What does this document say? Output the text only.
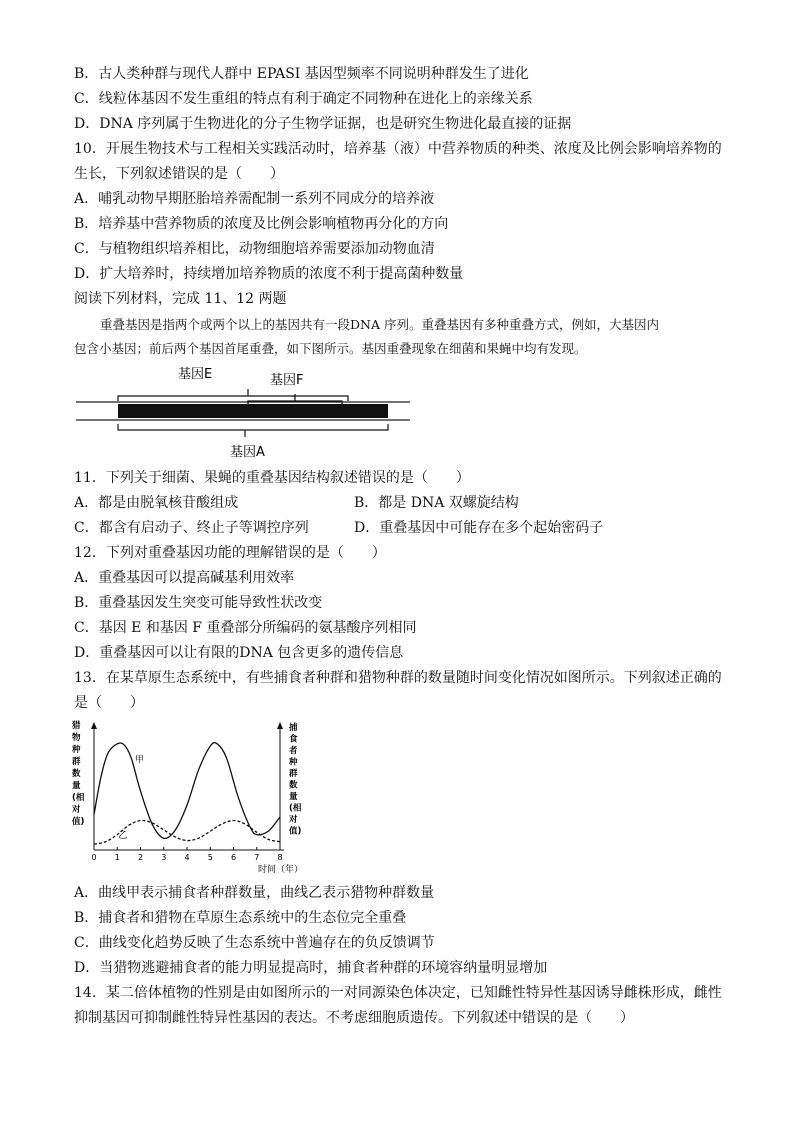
B．古人类种群与现代人群中 EPASI 基因型频率不同说明种群发生了进化
C．线粒体基因不发生重组的特点有利于确定不同物种在进化上的亲缘关系
D．DNA 序列属于生物进化的分子生物学证据，也是研究生物进化最直接的证据
10．开展生物技术与工程相关实践活动时，培养基（液）中营养物质的种类、浓度及比例会影响培养物的
生长，下列叙述错误的是（　　）
A．哺乳动物早期胚胎培养需配制一系列不同成分的培养液
B．培养基中营养物质的浓度及比例会影响植物再分化的方向
C．与植物组织培养相比，动物细胞培养需要添加动物血清
D．扩大培养时，持续增加培养物质的浓度不利于提高菌种数量
阅读下列材料，完成 11、12 两题
重叠基因是指两个或两个以上的基因共有一段DNA 序列。重叠基因有多种重叠方式，例如，大基因内
包含小基因；前后两个基因首尾重叠，如下图所示。基因重叠现象在细菌和果蝇中均有发现。
基因E	基因F
基因A
11．下列关于细菌、果蝇的重叠基因结构叙述错误的是（　　）
A．都是由脱氧核苷酸组成	B．都是 DNA 双螺旋结构
C．都含有启动子、终止子等调控序列	D．重叠基因中可能存在多个起始密码子
12．下列对重叠基因功能的理解错误的是（　　）
A．重叠基因可以提高碱基利用效率
B．重叠基因发生突变可能导致性状改变
C．基因 E 和基因 F 重叠部分所编码的氨基酸序列相同
D．重叠基因可以让有限的DNA 包含更多的遗传信息
13．在某草原生态系统中，有些捕食者种群和猎物种群的数量随时间变化情况如图所示。下列叙述正确的
是（　　）
猎
物
种
群
数
量
(相
对
值)
捕
食
者
种
群
数
量
(相
对
值)
0 1 2 3 4 5 6 7 8
甲
乙
时间（年）
A．曲线甲表示捕食者种群数量，曲线乙表示猎物种群数量
B．捕食者和猎物在草原生态系统中的生态位完全重叠
C．曲线变化趋势反映了生态系统中普遍存在的负反馈调节
D．当猎物逃避捕食者的能力明显提高时，捕食者种群的环境容纳量明显增加
14．某二倍体植物的性别是由如图所示的一对同源染色体决定，已知雌性特异性基因诱导雌株形成，雌性
抑制基因可抑制雌性特异性基因的表达。不考虑细胞质遗传。下列叙述中错误的是（　　）
